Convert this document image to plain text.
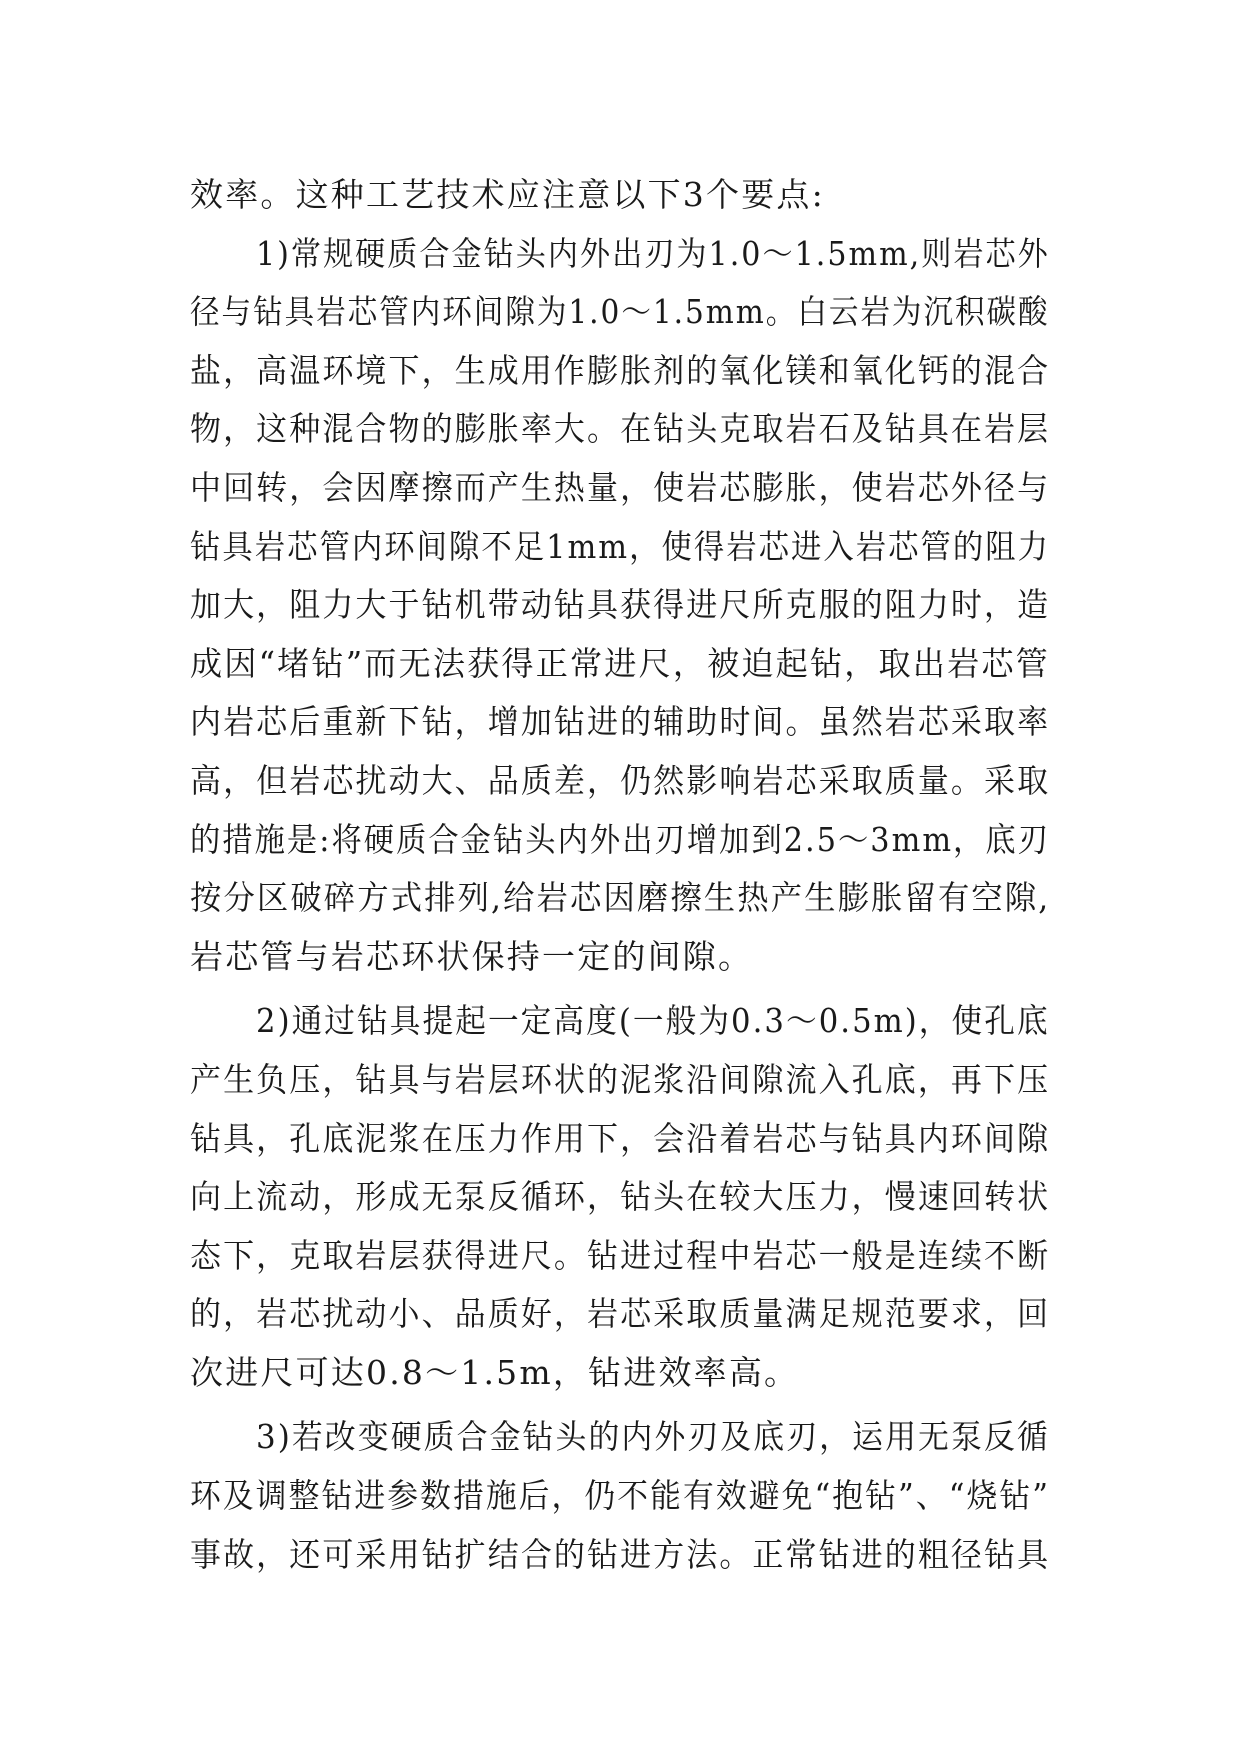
效率。这种工艺技术应注意以下3个要点:
1)常规硬质合金钻头内外出刃为1.0～1.5mm,则岩芯外
径与钻具岩芯管内环间隙为1.0～1.5mm。白云岩为沉积碳酸
盐，高温环境下，生成用作膨胀剂的氧化镁和氧化钙的混合
物，这种混合物的膨胀率大。在钻头克取岩石及钻具在岩层
中回转，会因摩擦而产生热量，使岩芯膨胀，使岩芯外径与
钻具岩芯管内环间隙不足1mm，使得岩芯进入岩芯管的阻力
加大，阻力大于钻机带动钻具获得进尺所克服的阻力时，造
成因“堵钻”而无法获得正常进尺，被迫起钻，取出岩芯管
内岩芯后重新下钻，增加钻进的辅助时间。虽然岩芯采取率
高，但岩芯扰动大、品质差，仍然影响岩芯采取质量。采取
的措施是:将硬质合金钻头内外出刃增加到2.5～3mm，底刃
按分区破碎方式排列,给岩芯因磨擦生热产生膨胀留有空隙,
岩芯管与岩芯环状保持一定的间隙。
2)通过钻具提起一定高度(一般为0.3～0.5m)，使孔底
产生负压，钻具与岩层环状的泥浆沿间隙流入孔底，再下压
钻具，孔底泥浆在压力作用下，会沿着岩芯与钻具内环间隙
向上流动，形成无泵反循环，钻头在较大压力，慢速回转状
态下，克取岩层获得进尺。钻进过程中岩芯一般是连续不断
的，岩芯扰动小、品质好，岩芯采取质量满足规范要求，回
次进尺可达0.8～1.5m，钻进效率高。
3)若改变硬质合金钻头的内外刃及底刃，运用无泵反循
环及调整钻进参数措施后，仍不能有效避免“抱钻”、“烧钻”
事故，还可采用钻扩结合的钻进方法。正常钻进的粗径钻具
